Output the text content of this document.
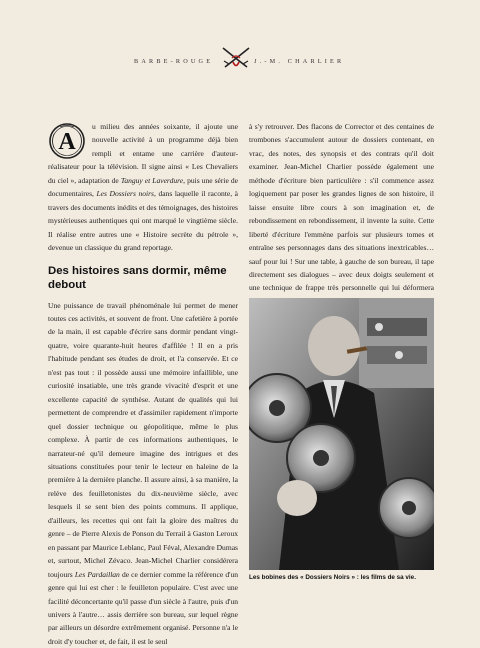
BARBE-ROUGE	J.-M. CHARLIER
A

u milieu des années soixante, il ajoute une nouvelle activité à un programme déjà bien rempli et entame une carrière d'auteur-réalisateur pour la télévision. Il signe ainsi « Les Chevaliers du ciel », adaptation de Tanguy et Laverdure, puis une série de documentaires, Les Dossiers noirs, dans laquelle il raconte, à travers des documents inédits et des témoignages, des histoires mystérieuses authentiques qui ont marqué le vingtième siècle. Il réalise entre autres une « Histoire secrète du pétrole », devenue un classique du grand reportage.

Des histoires sans dormir, même debout

Une puissance de travail phénoménale lui permet de mener toutes ces activités, et souvent de front. Une cafetière à portée de la main, il est capable d'écrire sans dormir pendant vingt-quatre, voire quarante-huit heures d'affilée ! Il en a pris l'habitude pendant ses études de droit, et l'a conservée. Et ce n'est pas tout : il possède aussi une mémoire infaillible, une curiosité insatiable, une très grande vivacité d'esprit et une excellente capacité de synthèse. Autant de qualités qui lui permettent de comprendre et d'assimiler rapidement n'importe quel dossier technique ou géopolitique, même le plus complexe. À partir de ces informations authentiques, le narrateur-né qu'il demeure imagine des intrigues et des situations constituées pour tenir le lecteur en haleine de la première à la dernière planche. Il assure ainsi, à sa manière, la relève des feuilletonistes du dix-neuvième siècle, avec lesquels il se sent bien des points communs. Il applique, d'ailleurs, les recettes qui ont fait la gloire des maîtres du genre – de Pierre Alexis de Ponson du Terrail à Gaston Leroux en passant par Maurice Leblanc, Paul Féval, Alexandre Dumas et, surtout, Michel Zévaco. Jean-Michel Charlier considérera toujours Les Pardaillan de ce dernier comme la référence d'un genre qui lui est cher : le feuilleton populaire. C'est avec une facilité déconcertante qu'il passe d'un siècle à l'autre, puis d'un univers à l'autre… assis derrière son bureau, sur lequel règne par ailleurs un désordre extrêmement organisé. Personne n'a le droit d'y toucher et, de fait, il est le seul

à s'y retrouver. Des flacons de Corrector et des centaines de trombones s'accumulent autour de dossiers contenant, en vrac, des notes, des synopsis et des contrats qu'il doit examiner. Jean-Michel Charlier possède également une méthode d'écriture bien particulière : s'il commence assez logiquement par poser les grandes lignes de son histoire, il laisse ensuite libre cours à son imagination et, de rebondissement en rebondissement, il invente la suite. Cette liberté d'écriture l'emmène parfois sur plusieurs tomes et entraîne ses personnages dans des situations inextricables… sauf pour lui ! Sur une table, à gauche de son bureau, il tape directement ses dialogues – avec deux doigts seulement et une technique de frappe très personnelle qui lui déformera

Les bobines des « Dossiers Noirs » : les films de sa vie.
